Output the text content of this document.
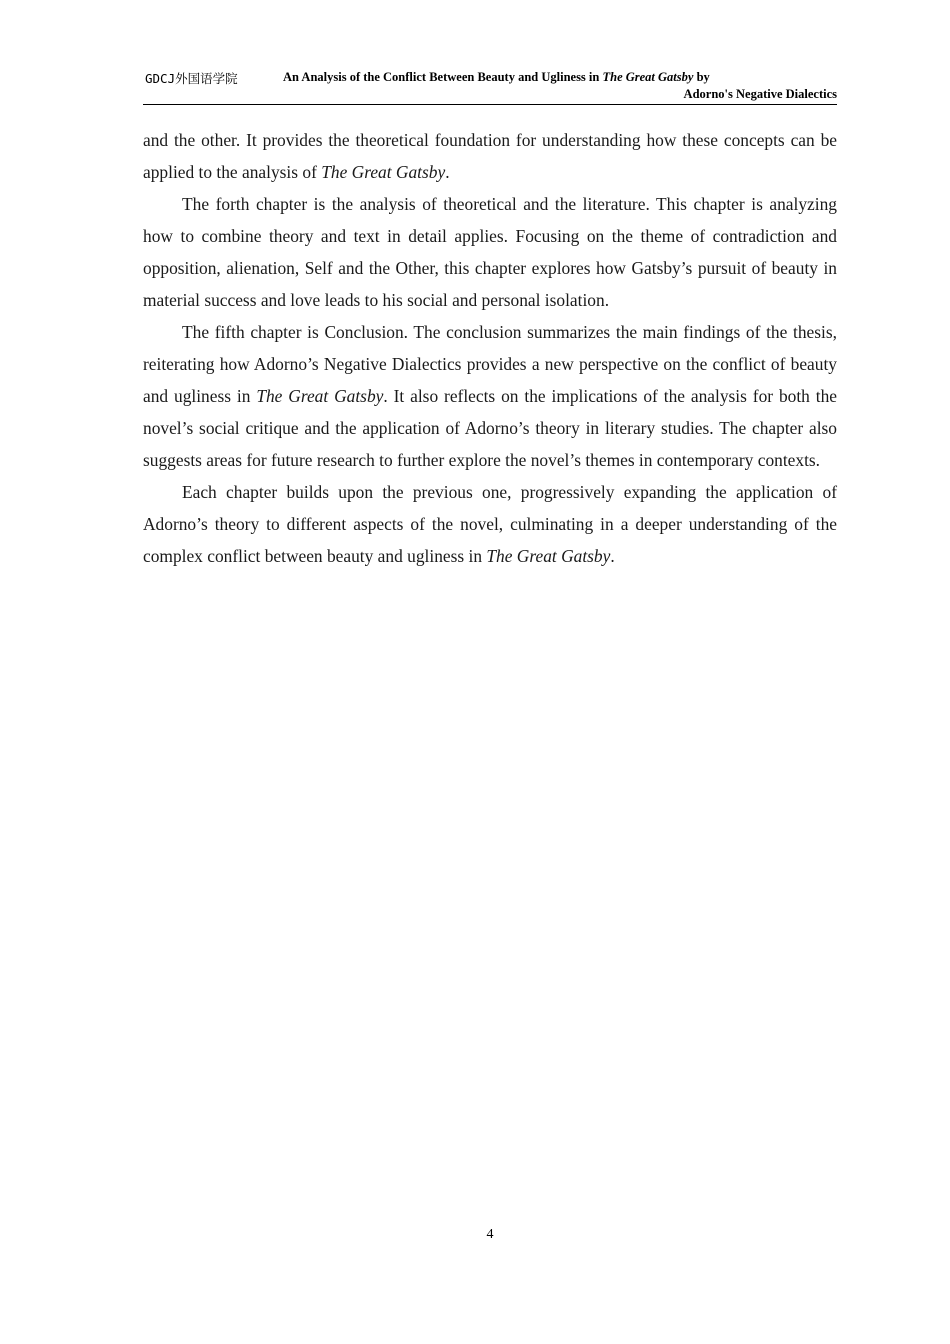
GDCJ外国语学院	An Analysis of the Conflict Between Beauty and Ugliness in The Great Gatsby by
Adorno's Negative Dialectics

and the other. It provides the theoretical foundation for understanding how these concepts can be applied to the analysis of The Great Gatsby.

The forth chapter is the analysis of theoretical and the literature. This chapter is analyzing how to combine theory and text in detail applies. Focusing on the theme of contradiction and opposition, alienation, Self and the Other, this chapter explores how Gatsby’s pursuit of beauty in material success and love leads to his social and personal isolation.

The fifth chapter is Conclusion. The conclusion summarizes the main findings of the thesis, reiterating how Adorno’s Negative Dialectics provides a new perspective on the conflict of beauty and ugliness in The Great Gatsby. It also reflects on the implications of the analysis for both the novel’s social critique and the application of Adorno’s theory in literary studies. The chapter also suggests areas for future research to further explore the novel’s themes in contemporary contexts.

Each chapter builds upon the previous one, progressively expanding the application of Adorno’s theory to different aspects of the novel, culminating in a deeper understanding of the complex conflict between beauty and ugliness in The Great Gatsby.

4
